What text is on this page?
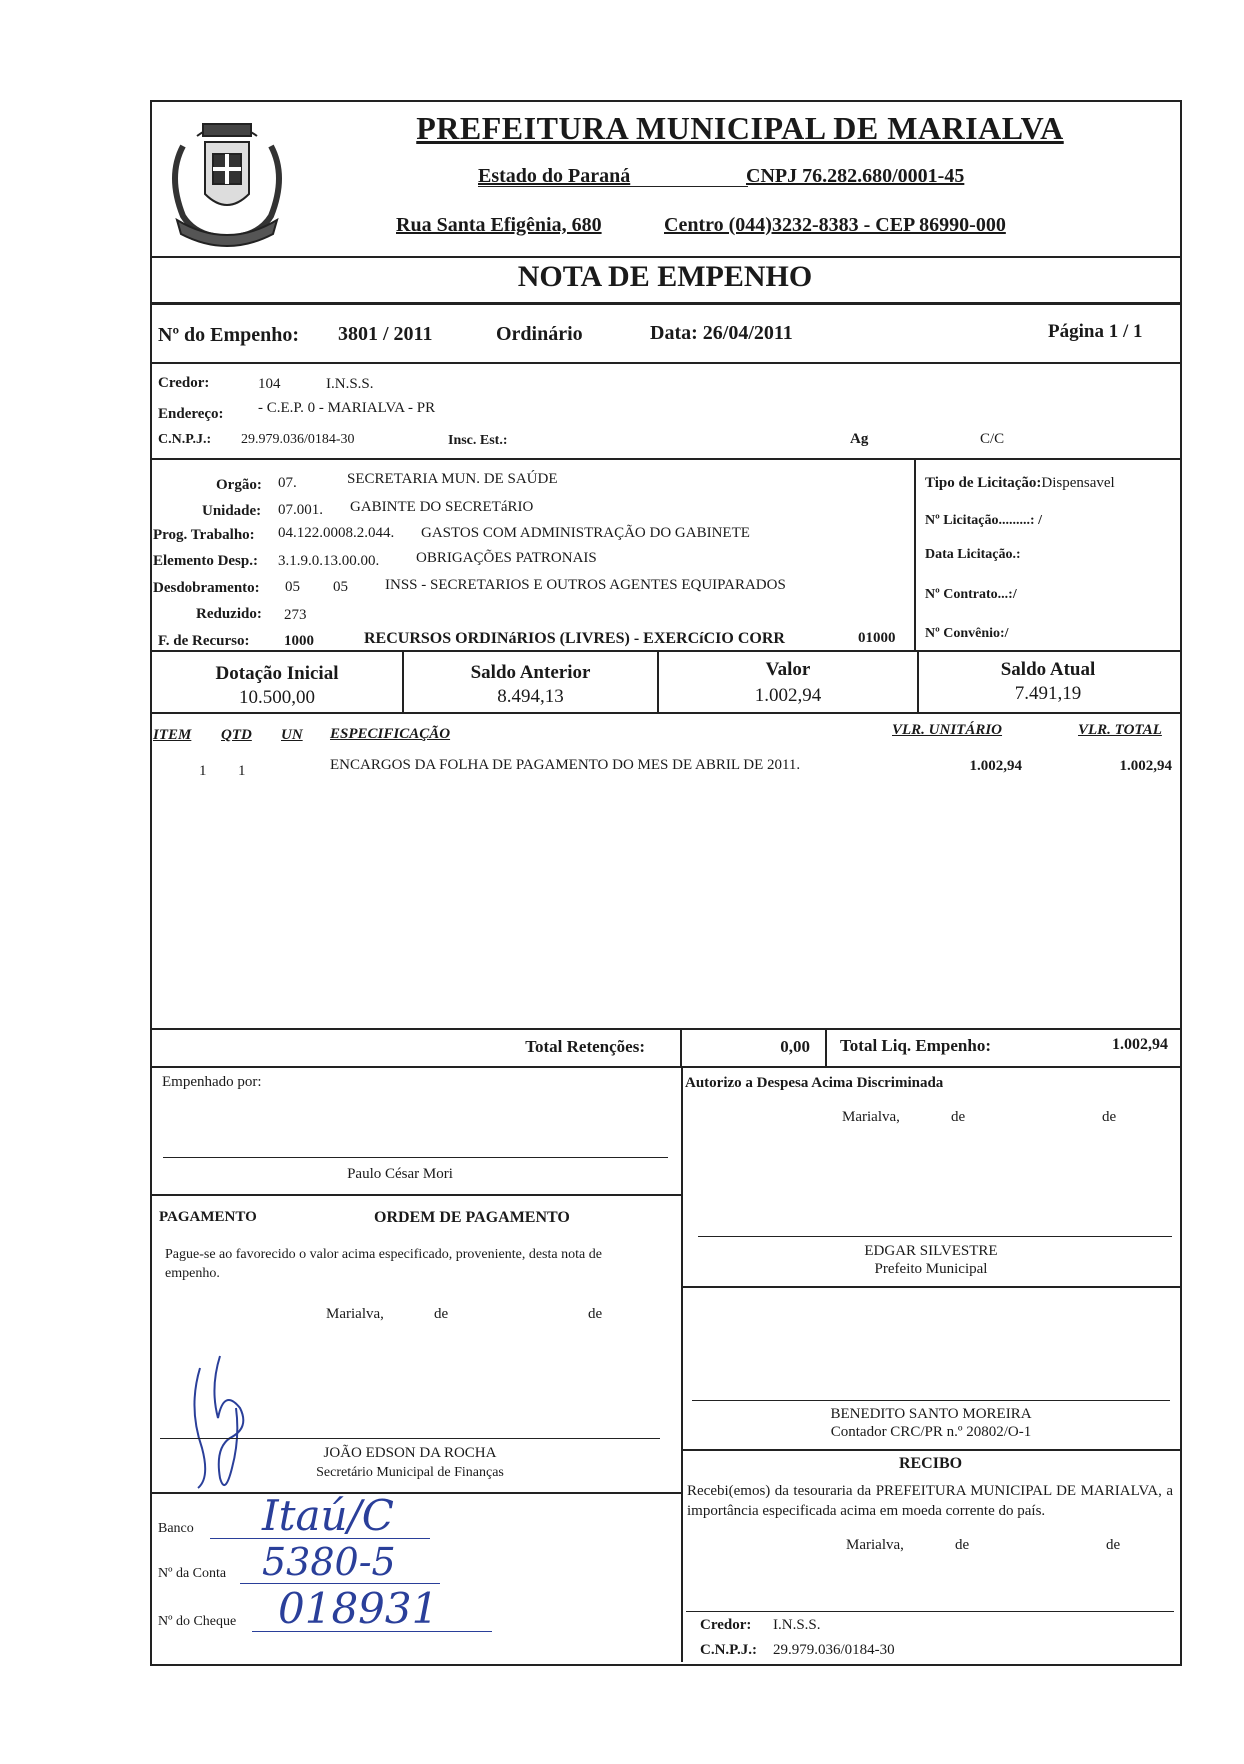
PREFEITURA MUNICIPAL DE MARIALVA
Estado do Paraná	CNPJ 76.282.680/0001-45
Rua Santa Efigênia, 680	Centro (044)3232-8383 - CEP 86990-000
NOTA DE EMPENHO
Nº do Empenho: 3801 / 2011	Ordinário	Data: 26/04/2011	Página 1 / 1
Credor:	104	I.N.S.S.
Endereço: - C.E.P. 0 - MARIALVA - PR
C.N.P.J.: 29.979.036/0184-30	Insc. Est.:	Ag	C/C
Orgão: 07.	SECRETARIA MUN. DE SAÚDE
Unidade: 07.001. GABINTE DO SECRETáRIO
Prog. Trabalho: 04.122.0008.2.044. GASTOS COM ADMINISTRAÇÃO DO GABINETE
Elemento Desp.: 3.1.9.0.13.00.00. OBRIGAÇÕES PATRONAIS
Desdobramento: 05 05 INSS - SECRETARIOS E OUTROS AGENTES EQUIPARADOS
Reduzido: 273
F. de Recurso: 1000	RECURSOS ORDINáRIOS (LIVRES) - EXERCíCIO CORR	01000
Tipo de Licitação:Dispensavel
Nº Licitação.........: /
Data Licitação.:
Nº Contrato...:/
Nº Convênio:/
Dotação Inicial
10.500,00
Saldo Anterior
8.494,13
Valor
1.002,94
Saldo Atual
7.491,19
ITEM QTD UN ESPECIFICAÇÃO	VLR. UNITÁRIO	VLR. TOTAL
1 1	ENCARGOS DA FOLHA DE PAGAMENTO DO MES DE ABRIL DE 2011.	1.002,94	1.002,94
Total Retenções:	0,00 Total Liq. Empenho:	1.002,94
Empenhado por:
Paulo César Mori
Autorizo a Despesa Acima Discriminada
Marialva,	de	de
EDGAR SILVESTRE
Prefeito Municipal
PAGAMENTO	ORDEM DE PAGAMENTO
Pague-se ao favorecido o valor acima especificado, proveniente, desta nota de empenho.
Marialva,	de	de
JOÃO EDSON DA ROCHA
Secretário Municipal de Finanças
BENEDITO SANTO MOREIRA
Contador CRC/PR n.º 20802/O-1
Banco Itaú/C
Nº da Conta 5380-5
Nº do Cheque 018931
RECIBO
Recebi(emos) da tesouraria da PREFEITURA MUNICIPAL DE MARIALVA, a importância especificada acima em moeda corrente do país.
Marialva,	de	de
Credor: I.N.S.S.
C.N.P.J.: 29.979.036/0184-30
